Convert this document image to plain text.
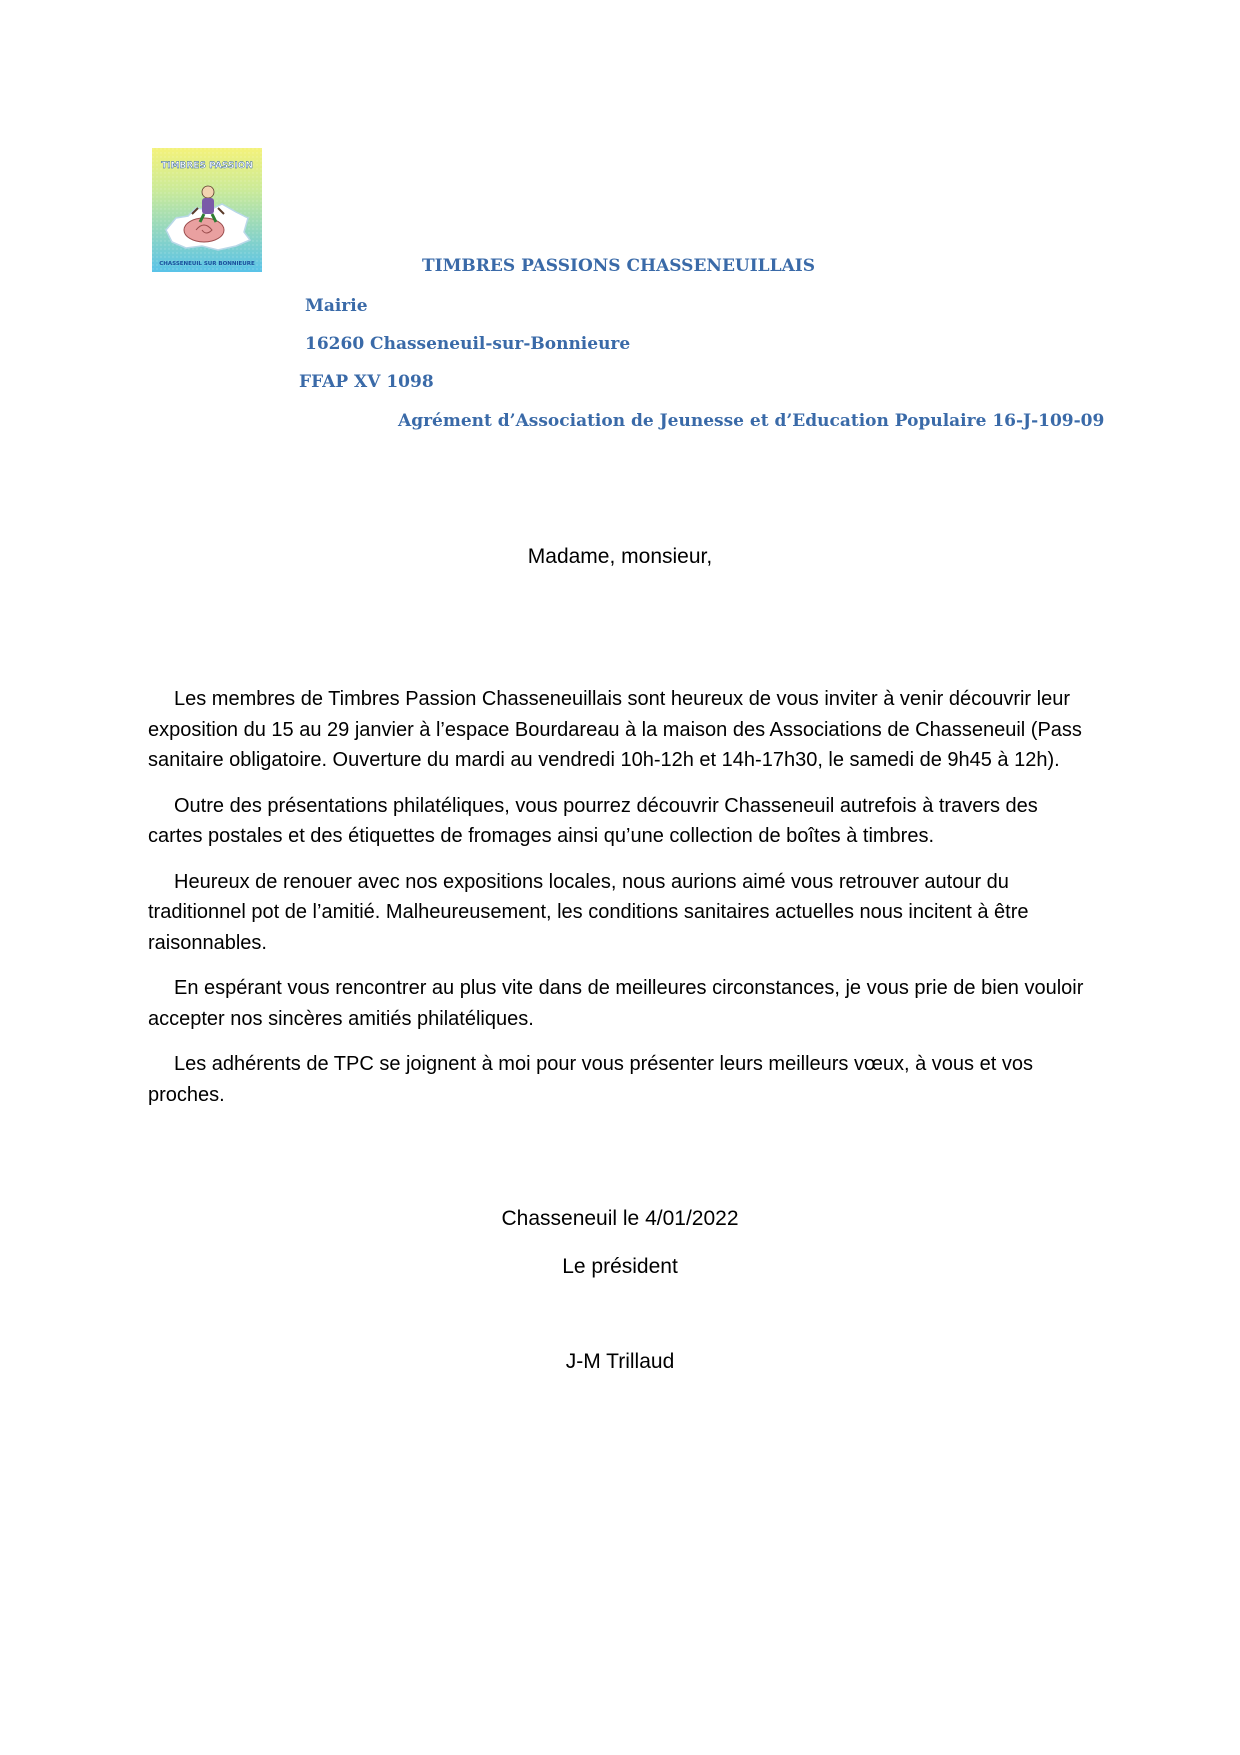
TIMBRES PASSION
CHASSENEUIL SUR BONNIEURE	TIMBRES PASSIONS CHASSENEUILLAIS

Mairie

16260 Chasseneuil-sur-Bonnieure

FFAP XV 1098

Agrément d’Association de Jeunesse et d’Education Populaire 16-J-109-09

Madame, monsieur,

Les membres de Timbres Passion Chasseneuillais sont heureux de vous inviter à venir découvrir leur exposition du 15 au 29 janvier à l’espace Bourdareau à la maison des Associations de Chasseneuil (Pass sanitaire obligatoire. Ouverture du mardi au vendredi 10h-12h et 14h-17h30, le samedi de 9h45 à 12h).

Outre des présentations philatéliques, vous pourrez découvrir Chasseneuil autrefois à travers des cartes postales et des étiquettes de fromages ainsi qu’une collection de boîtes à timbres.

Heureux de renouer avec nos expositions locales, nous aurions aimé vous retrouver autour du traditionnel pot de l’amitié. Malheureusement, les conditions sanitaires actuelles nous incitent à être raisonnables.

En espérant vous rencontrer au plus vite dans de meilleures circonstances, je vous prie de bien vouloir accepter nos sincères amitiés philatéliques.

Les adhérents de TPC se joignent à moi pour vous présenter leurs meilleurs vœux, à vous et vos proches.

Chasseneuil le 4/01/2022

Le président

J-M Trillaud
